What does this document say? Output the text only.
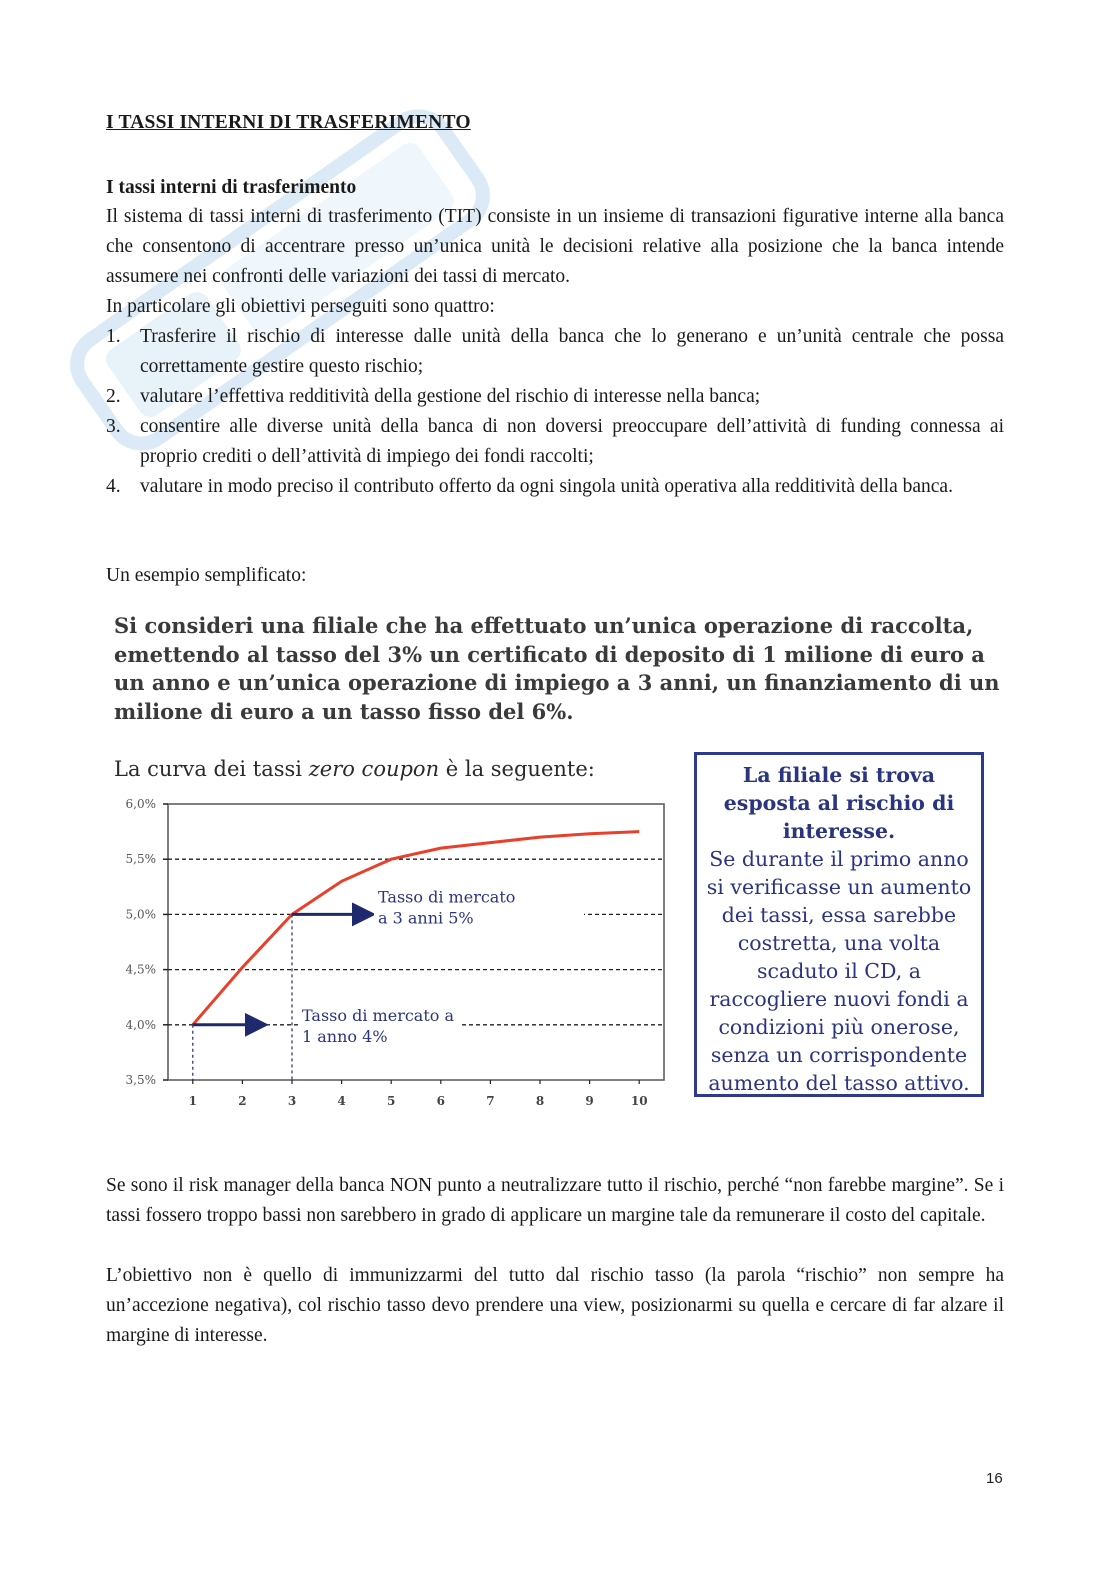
I TASSI INTERNI DI TRASFERIMENTO
I tassi interni di trasferimento
Il sistema di tassi interni di trasferimento (TIT) consiste in un insieme di transazioni figurative interne alla banca che consentono di accentrare presso un’unica unità le decisioni relative alla posizione che la banca intende assumere nei confronti delle variazioni dei tassi di mercato.
In particolare gli obiettivi perseguiti sono quattro:
1. Trasferire il rischio di interesse dalle unità della banca che lo generano e un’unità centrale che possa correttamente gestire questo rischio;
2. valutare l’effettiva redditività della gestione del rischio di interesse nella banca;
3. consentire alle diverse unità della banca di non doversi preoccupare dell’attività di funding connessa ai proprio crediti o dell’attività di impiego dei fondi raccolti;
4. valutare in modo preciso il contributo offerto da ogni singola unità operativa alla redditività della banca.
Un esempio semplificato:
Si consideri una filiale che ha effettuato un’unica operazione di raccolta, emettendo al tasso del 3% un certificato di deposito di 1 milione di euro a un anno e un’unica operazione di impiego a 3 anni, un finanziamento di un milione di euro a un tasso fisso del 6%.
La curva dei tassi zero coupon è la seguente:
3,5%
4,0%
4,5%
5,0%
5,5%
6,0%
1	2	3	4	5	6	7	8	9	10
Tasso di mercato
a 3 anni 5%
Tasso di mercato a
1 anno 4%
La filiale si trova esposta al rischio di interesse.
Se durante il primo anno si verificasse un aumento dei tassi, essa sarebbe costretta, una volta scaduto il CD, a raccogliere nuovi fondi a condizioni più onerose, senza un corrispondente aumento del tasso attivo.
Se sono il risk manager della banca NON punto a neutralizzare tutto il rischio, perché “non farebbe margine”. Se i tassi fossero troppo bassi non sarebbero in grado di applicare un margine tale da remunerare il costo del capitale.
L’obiettivo non è quello di immunizzarmi del tutto dal rischio tasso (la parola “rischio” non sempre ha un’accezione negativa), col rischio tasso devo prendere una view, posizionarmi su quella e cercare di far alzare il margine di interesse.
16
